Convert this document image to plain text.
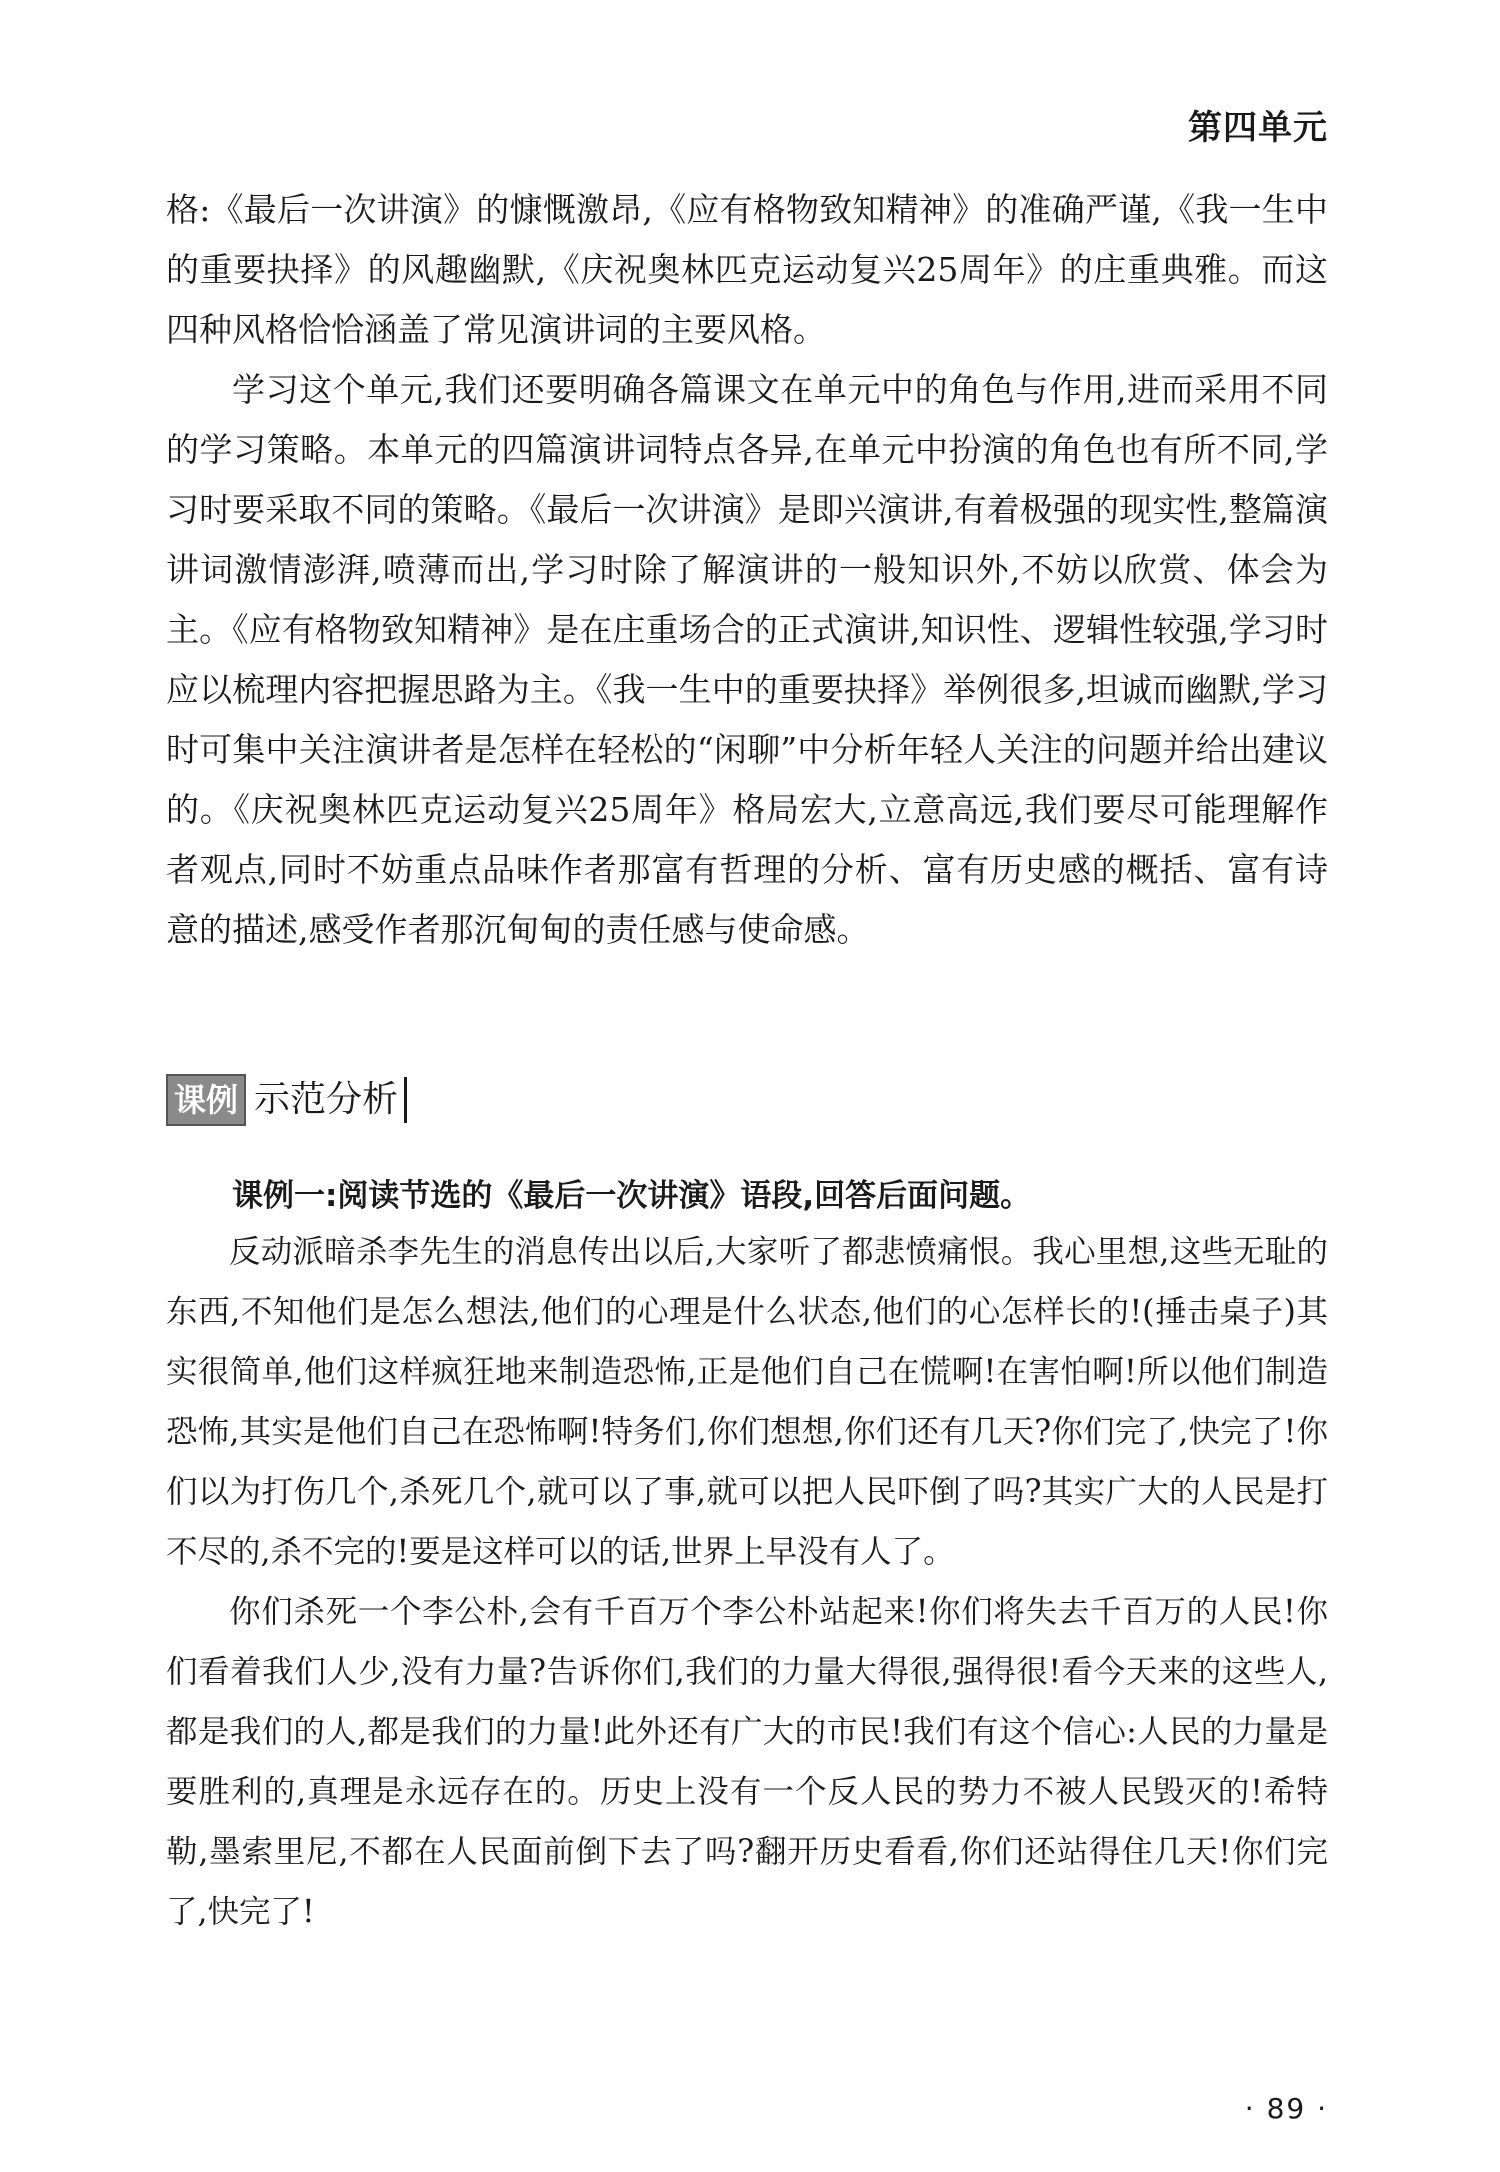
第四单元

格:《最后一次讲演》的慷慨激昂,《应有格物致知精神》的准确严谨,《我一生中的重要抉择》的风趣幽默,《庆祝奥林匹克运动复兴25周年》的庄重典雅。而这四种风格恰恰涵盖了常见演讲词的主要风格。

学习这个单元,我们还要明确各篇课文在单元中的角色与作用,进而采用不同的学习策略。本单元的四篇演讲词特点各异,在单元中扮演的角色也有所不同,学习时要采取不同的策略。《最后一次讲演》是即兴演讲,有着极强的现实性,整篇演讲词激情澎湃,喷薄而出,学习时除了解演讲的一般知识外,不妨以欣赏、体会为主。《应有格物致知精神》是在庄重场合的正式演讲,知识性、逻辑性较强,学习时应以梳理内容把握思路为主。《我一生中的重要抉择》举例很多,坦诚而幽默,学习时可集中关注演讲者是怎样在轻松的“闲聊”中分析年轻人关注的问题并给出建议的。《庆祝奥林匹克运动复兴25周年》格局宏大,立意高远,我们要尽可能理解作者观点,同时不妨重点品味作者那富有哲理的分析、富有历史感的概括、富有诗意的描述,感受作者那沉甸甸的责任感与使命感。

课例 示范分析
课例一:阅读节选的《最后一次讲演》语段,回答后面问题。

反动派暗杀李先生的消息传出以后,大家听了都悲愤痛恨。我心里想,这些无耻的东西,不知他们是怎么想法,他们的心理是什么状态,他们的心怎样长的!(捶击桌子)其实很简单,他们这样疯狂地来制造恐怖,正是他们自己在慌啊!在害怕啊!所以他们制造恐怖,其实是他们自己在恐怖啊!特务们,你们想想,你们还有几天?你们完了,快完了!你们以为打伤几个,杀死几个,就可以了事,就可以把人民吓倒了吗?其实广大的人民是打不尽的,杀不完的!要是这样可以的话,世界上早没有人了。

你们杀死一个李公朴,会有千百万个李公朴站起来!你们将失去千百万的人民!你们看着我们人少,没有力量?告诉你们,我们的力量大得很,强得很!看今天来的这些人,都是我们的人,都是我们的力量!此外还有广大的市民!我们有这个信心:人民的力量是要胜利的,真理是永远存在的。历史上没有一个反人民的势力不被人民毁灭的!希特勒,墨索里尼,不都在人民面前倒下去了吗?翻开历史看看,你们还站得住几天!你们完了,快完了!

· 89 ·
